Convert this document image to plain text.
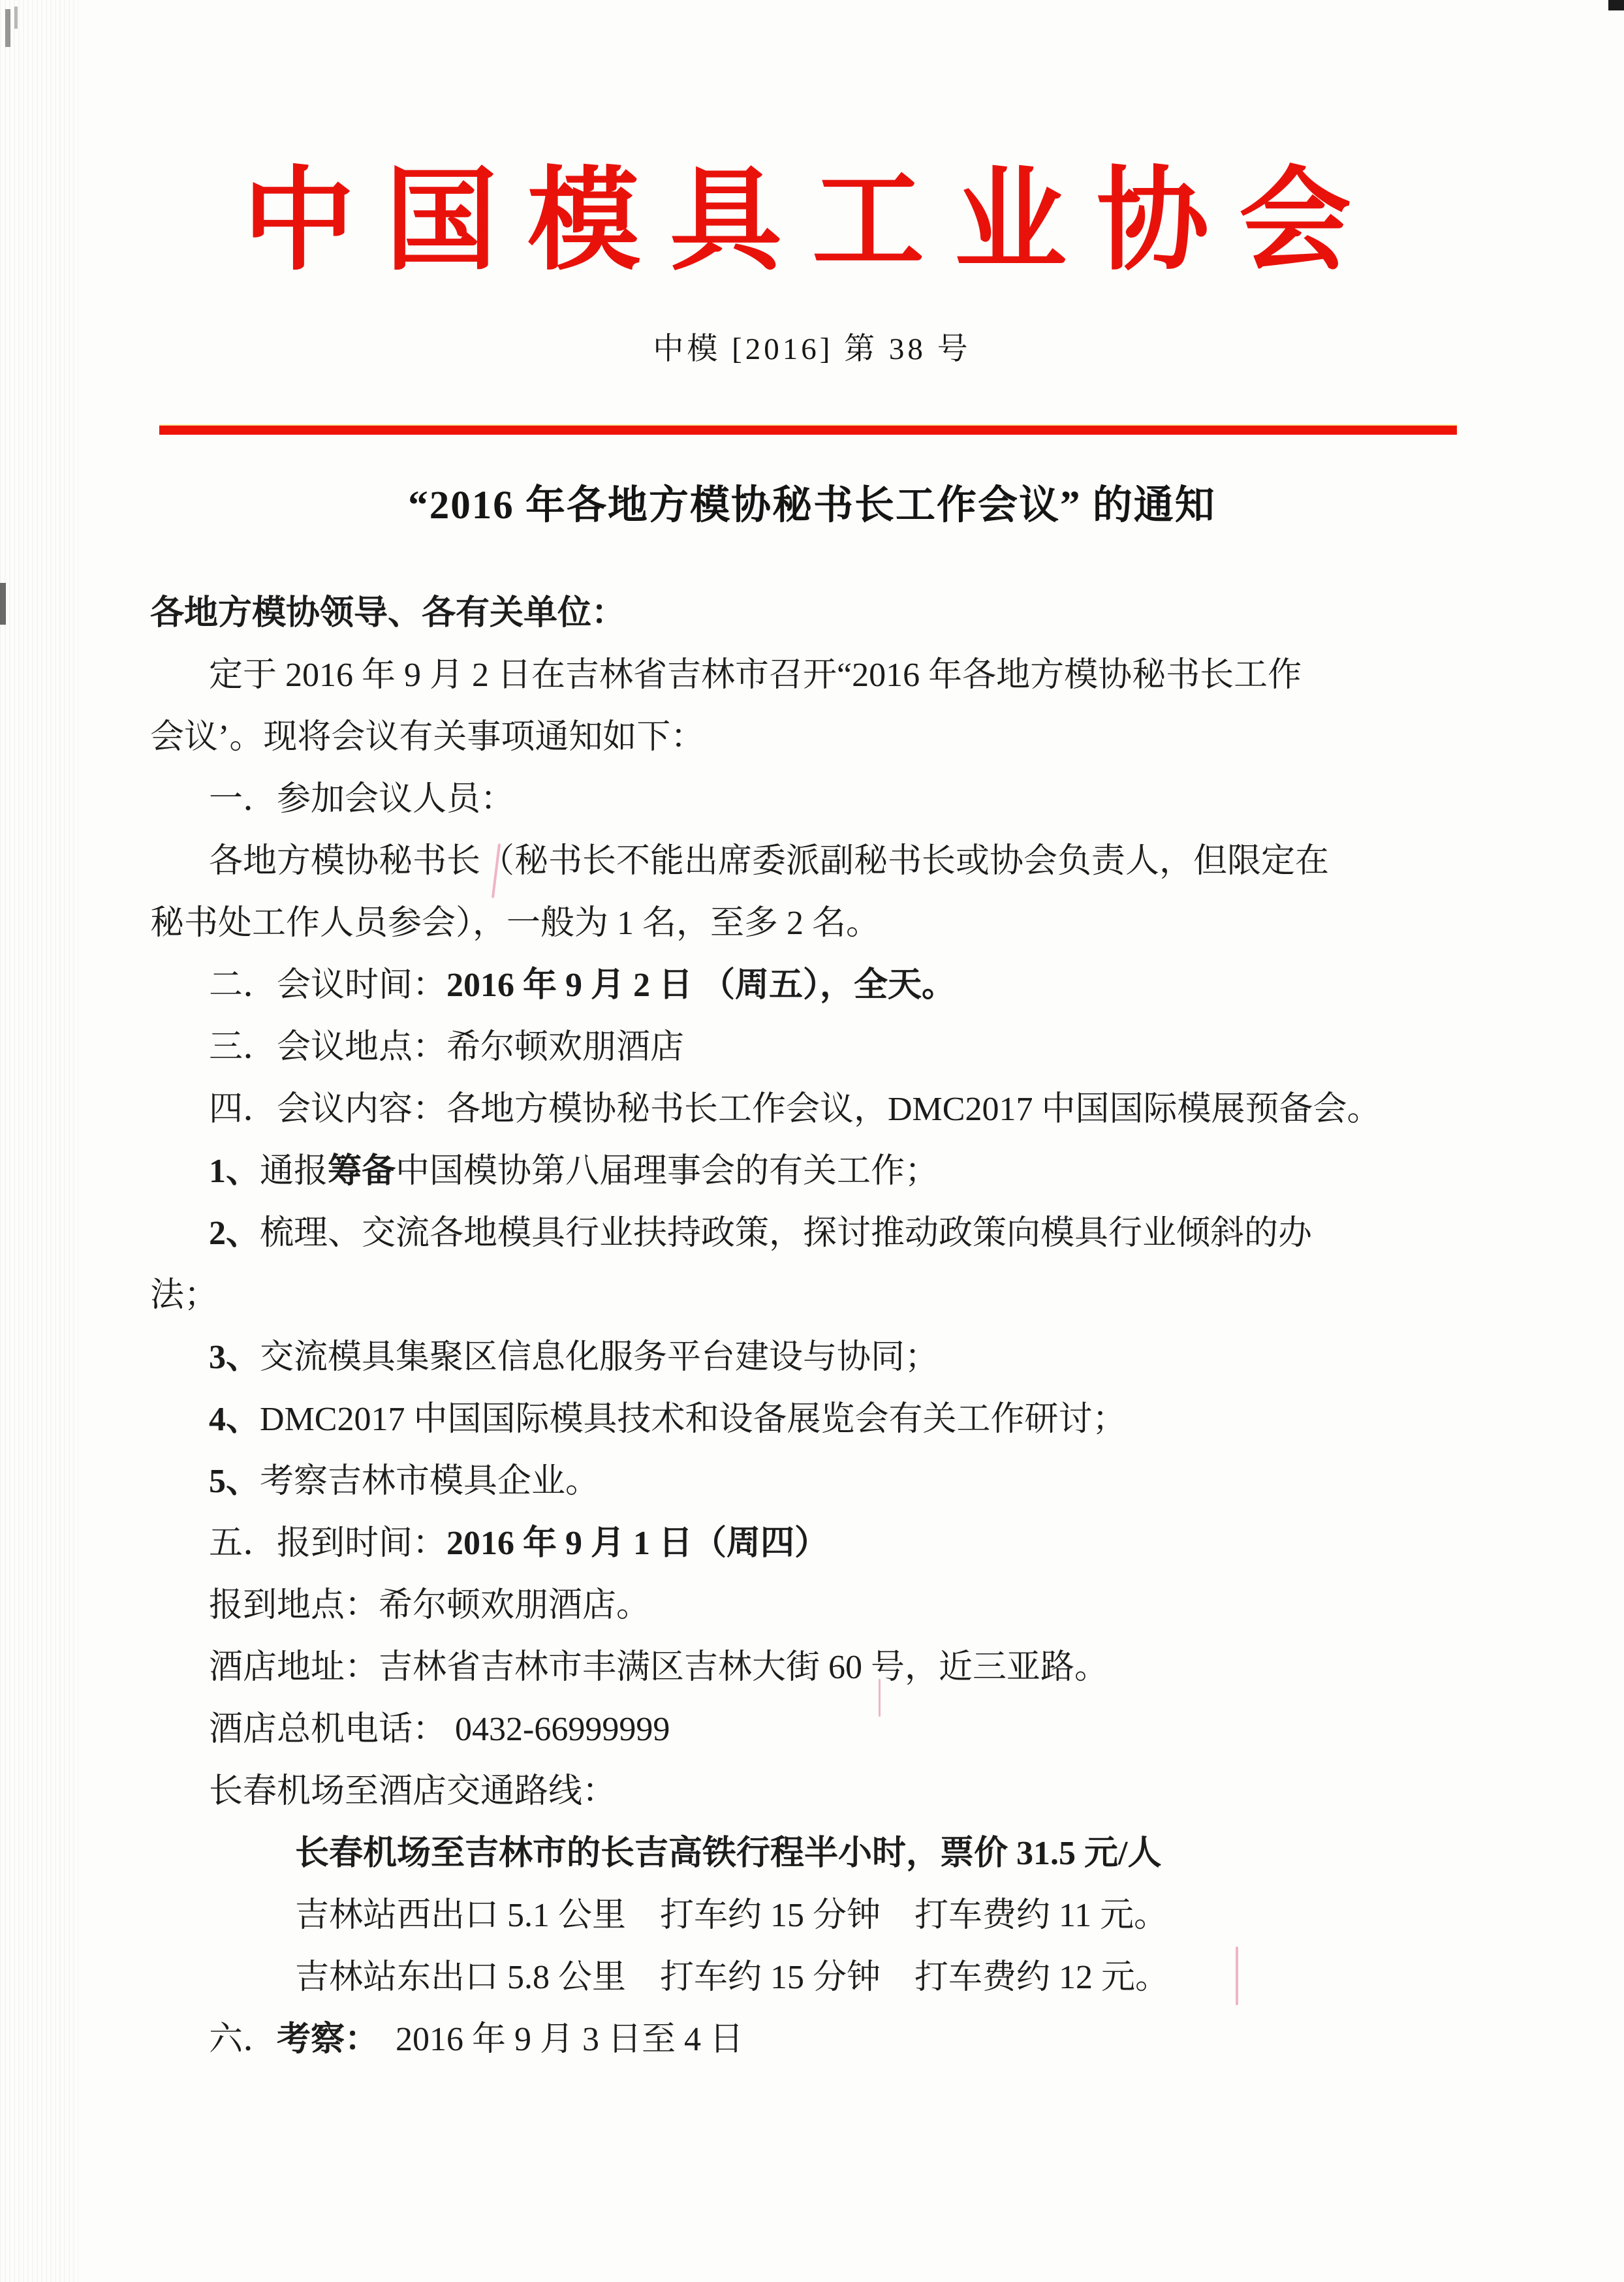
中国模具工业协会
中模 [2016] 第 38 号
“2016 年各地方模协秘书长工作会议” 的通知

各地方模协领导、各有关单位：

定于 2016 年 9 月 2 日在吉林省吉林市召开“2016 年各地方模协秘书长工作

会议’。现将会议有关事项通知如下：

一．参加会议人员：

各地方模协秘书长（秘书长不能出席委派副秘书长或协会负责人，但限定在

秘书处工作人员参会），一般为 1 名，至多 2 名。

二．会议时间：2016 年 9 月 2 日 （周五），全天。

三．会议地点：希尔顿欢朋酒店

四．会议内容：各地方模协秘书长工作会议，DMC2017 中国国际模展预备会。

1、通报筹备中国模协第八届理事会的有关工作；

2、梳理、交流各地模具行业扶持政策，探讨推动政策向模具行业倾斜的办

法；

3、交流模具集聚区信息化服务平台建设与协同；

4、DMC2017 中国国际模具技术和设备展览会有关工作研讨；

5、考察吉林市模具企业。

五．报到时间：2016 年 9 月 1 日（周四）

报到地点：希尔顿欢朋酒店。

酒店地址：吉林省吉林市丰满区吉林大街 60 号，近三亚路。

酒店总机电话： 0432-66999999

长春机场至酒店交通路线：

长春机场至吉林市的长吉高铁行程半小时，票价 31.5 元/人

吉林站西出口 5.1 公里　打车约 15 分钟　打车费约 11 元。

吉林站东出口 5.8 公里　打车约 15 分钟　打车费约 12 元。

六．考察：　2016 年 9 月 3 日至 4 日
